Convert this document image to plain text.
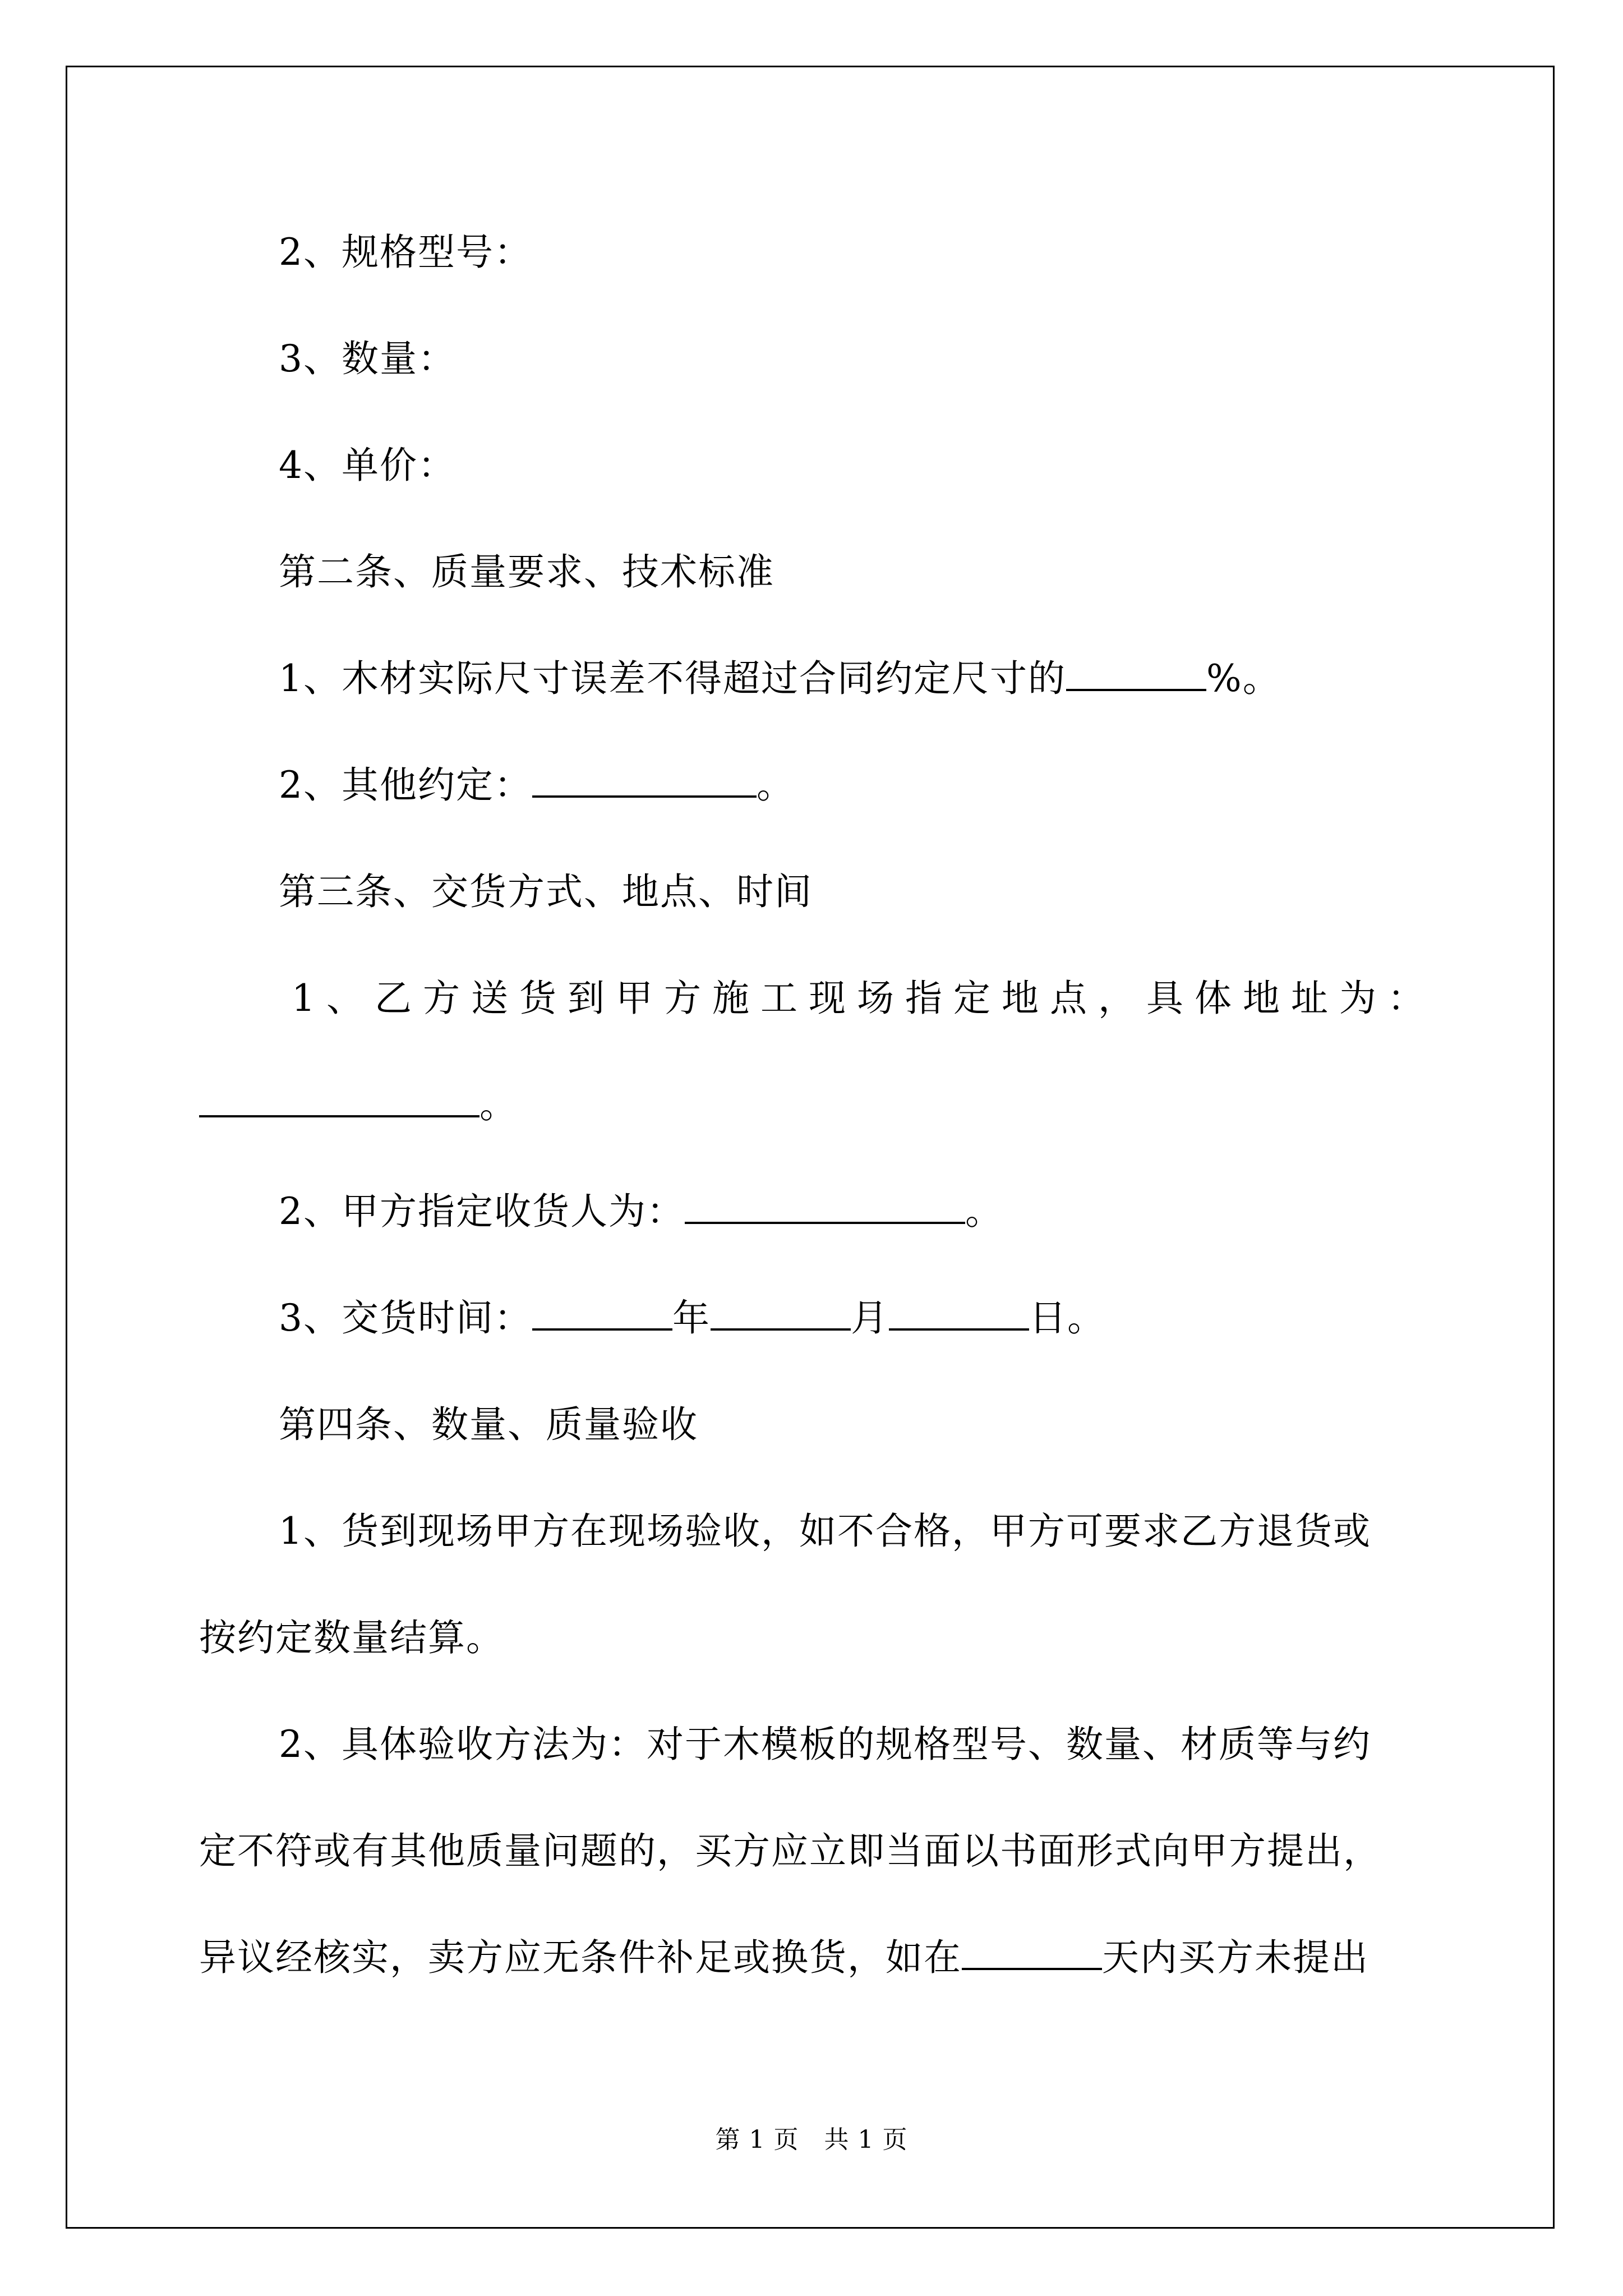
2、规格型号：
3、数量：
4、单价：
第二条、质量要求、技术标准
1、木材实际尺寸误差不得超过合同约定尺寸的	%。
2、其他约定：	。
第三条、交货方式、地点、时间
1、乙方送货到甲方施工现场指定地点，具体地址为：
。
2、甲方指定收货人为：	。
3、交货时间：	年	月	日。
第四条、数量、质量验收
1、货到现场甲方在现场验收，如不合格，甲方可要求乙方退货或
按约定数量结算。
2、具体验收方法为：对于木模板的规格型号、数量、材质等与约
定不符或有其他质量问题的，买方应立即当面以书面形式向甲方提出，
异议经核实，卖方应无条件补足或换货，如在	天内买方未提出
第 1 页　共 1 页
